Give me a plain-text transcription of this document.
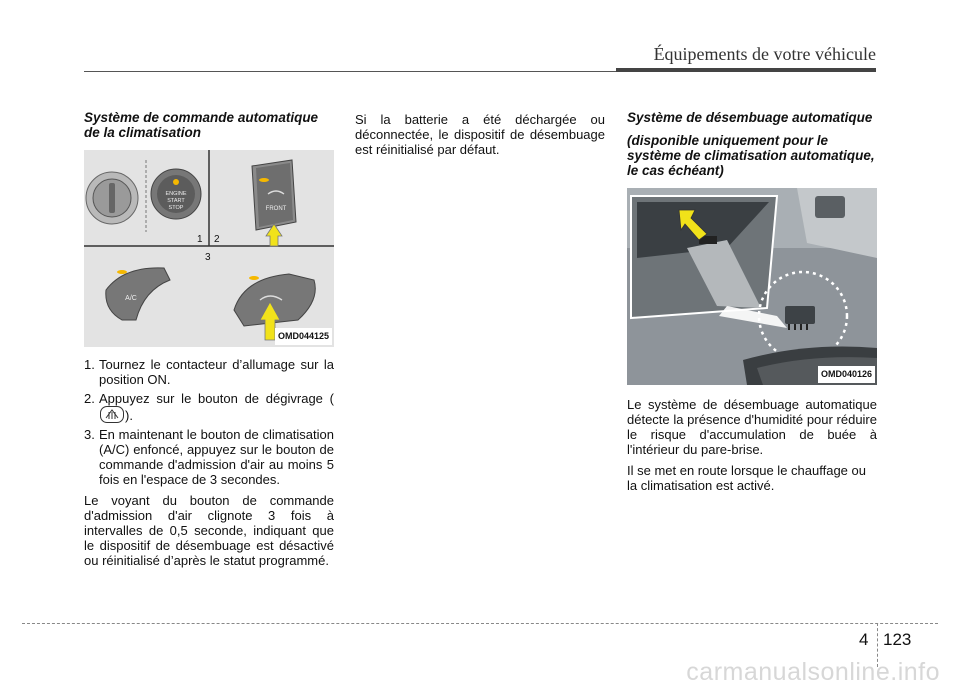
Équipements de votre véhicule

Système de commande automatique de la climatisation

ENGINE
START
STOP	FRONT
A/C
1 2
3
OMD044125
1. Tournez le contacteur d’allumage sur la position ON.
2. Appuyez sur le bouton de dégivrage (
).
3. En maintenant le bouton de climatisation (A/C) enfoncé, appuyez sur le bouton de commande d'admission d'air au moins 5 fois en l'espace de 3 secondes.

Le voyant du bouton de commande d'admission d'air clignote 3 fois à intervalles de 0,5 seconde, indiquant que le dispositif de désembuage est désactivé ou réinitialisé d’après le statut programmé.

Si la batterie a été déchargée ou déconnectée, le dispositif de désembuage est réinitialisé par défaut.

Système de désembuage automatique

(disponible uniquement pour le système de climatisation automatique, le cas échéant)

OMD040126

Le système de désembuage automatique détecte la présence d'humidité pour réduire le risque d'accumulation de buée à l'intérieur du pare-brise.

Il se met en route lorsque le chauffage ou la climatisation est activé.

4 123
carmanualsonline.info
